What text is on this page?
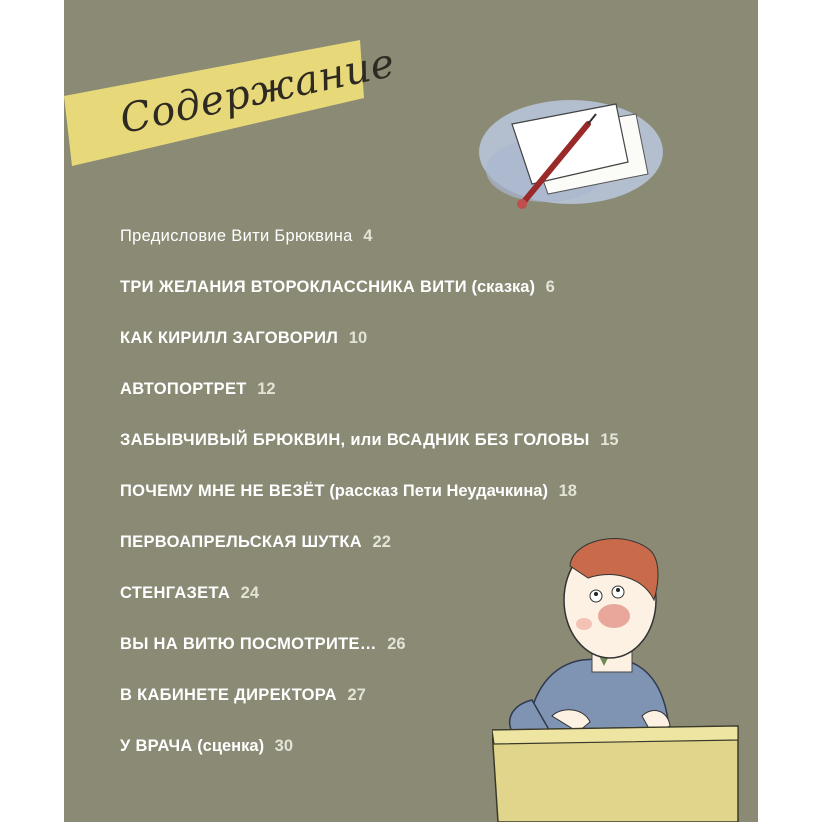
Содержание
Предисловие Вити Брюквина 4
ТРИ ЖЕЛАНИЯ ВТОРОКЛАССНИКА ВИТИ (сказка) 6
КАК КИРИЛЛ ЗАГОВОРИЛ 10
АВТОПОРТРЕТ 12
ЗАБЫВЧИВЫЙ БРЮКВИН, или ВСАДНИК БЕЗ ГОЛОВЫ 15
ПОЧЕМУ МНЕ НЕ ВЕЗЁТ (рассказ Пети Неудачкина) 18
ПЕРВОАПРЕЛЬСКАЯ ШУТКА 22
СТЕНГАЗЕТА 24
ВЫ НА ВИТЮ ПОСМОТРИТЕ… 26
В КАБИНЕТЕ ДИРЕКТОРА 27
У ВРАЧА (сценка) 30
